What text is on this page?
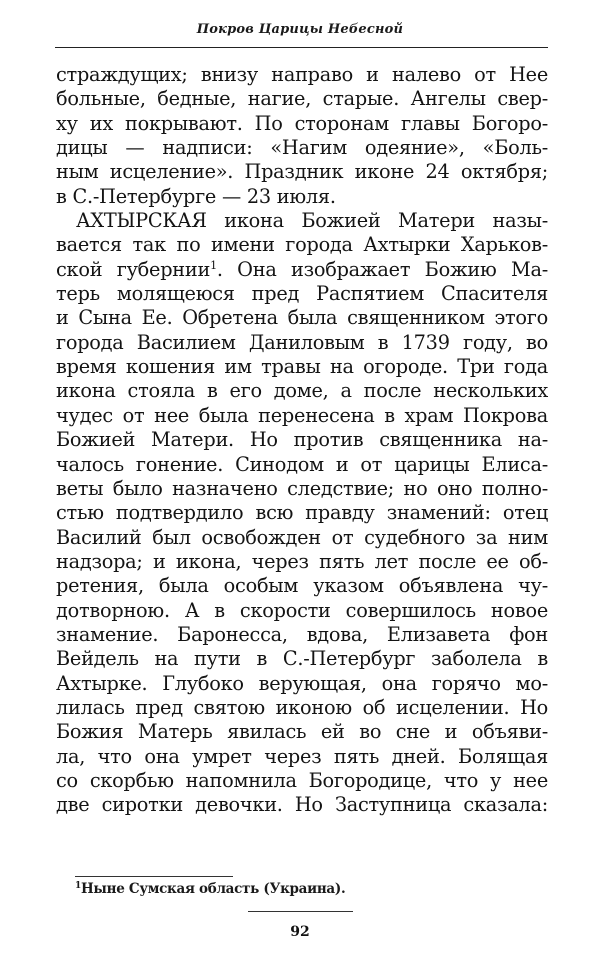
Покров Царицы Небесной
страждущих; внизу направо и налево от Нее
больные, бедные, нагие, старые. Ангелы свер-
ху их покрывают. По сторонам главы Богоро-
дицы — надписи: «Нагим одеяние», «Боль-
ным исцеление». Праздник иконе 24 октября;
в С.-Петербурге — 23 июля.
АХТЫРСКАЯ икона Божией Матери назы-
вается так по имени города Ахтырки Харьков-
ской губернии$^1$. Она изображает Божию Ма-
терь молящеюся пред Распятием Спасителя
и Сына Ее. Обретена была священником этого
города Василием Даниловым в 1739 году, во
время кошения им травы на огороде. Три года
икона стояла в его доме, а после нескольких
чудес от нее была перенесена в храм Покрова
Божией Матери. Но против священника на-
чалось гонение. Синодом и от царицы Елиса-
веты было назначено следствие; но оно полно-
стью подтвердило всю правду знамений: отец
Василий был освобожден от судебного за ним
надзора; и икона, через пять лет после ее об-
ретения, была особым указом объявлена чу-
дотворною. А в скорости совершилось новое
знамение. Баронесса, вдова, Елизавета фон
Вейдель на пути в С.-Петербург заболела в
Ахтырке. Глубоко верующая, она горячо мо-
лилась пред святою иконою об исцелении. Но
Божия Матерь явилась ей во сне и объяви-
ла, что она умрет через пять дней. Болящая
со скорбью напомнила Богородице, что у нее
две сиротки девочки. Но Заступница сказала:
$^1$Ныне Сумская область (Украина).
92
